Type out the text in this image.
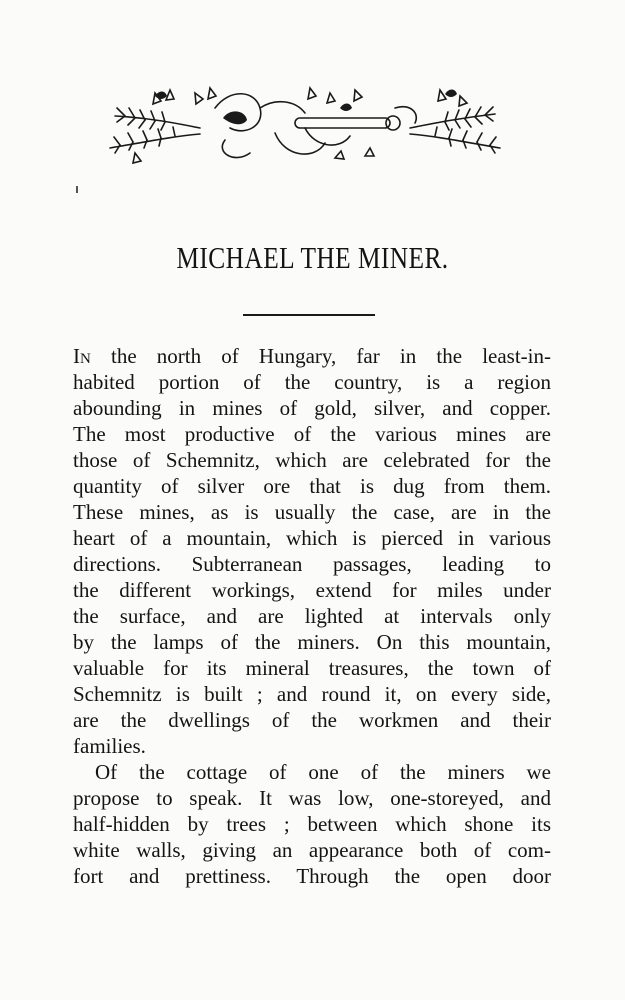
MICHAEL THE MINER.
In the north of Hungary, far in the least-in-
habited portion of the country, is a region
abounding in mines of gold, silver, and copper.
The most productive of the various mines are
those of Schemnitz, which are celebrated for the
quantity of silver ore that is dug from them.
These mines, as is usually the case, are in the
heart of a mountain, which is pierced in various
directions. Subterranean passages, leading to
the different workings, extend for miles under
the surface, and are lighted at intervals only
by the lamps of the miners. On this mountain,
valuable for its mineral treasures, the town of
Schemnitz is built ; and round it, on every side,
are the dwellings of the workmen and their
families.
Of the cottage of one of the miners we
propose to speak. It was low, one-storeyed, and
half-hidden by trees ; between which shone its
white walls, giving an appearance both of com-
fort and prettiness. Through the open door
